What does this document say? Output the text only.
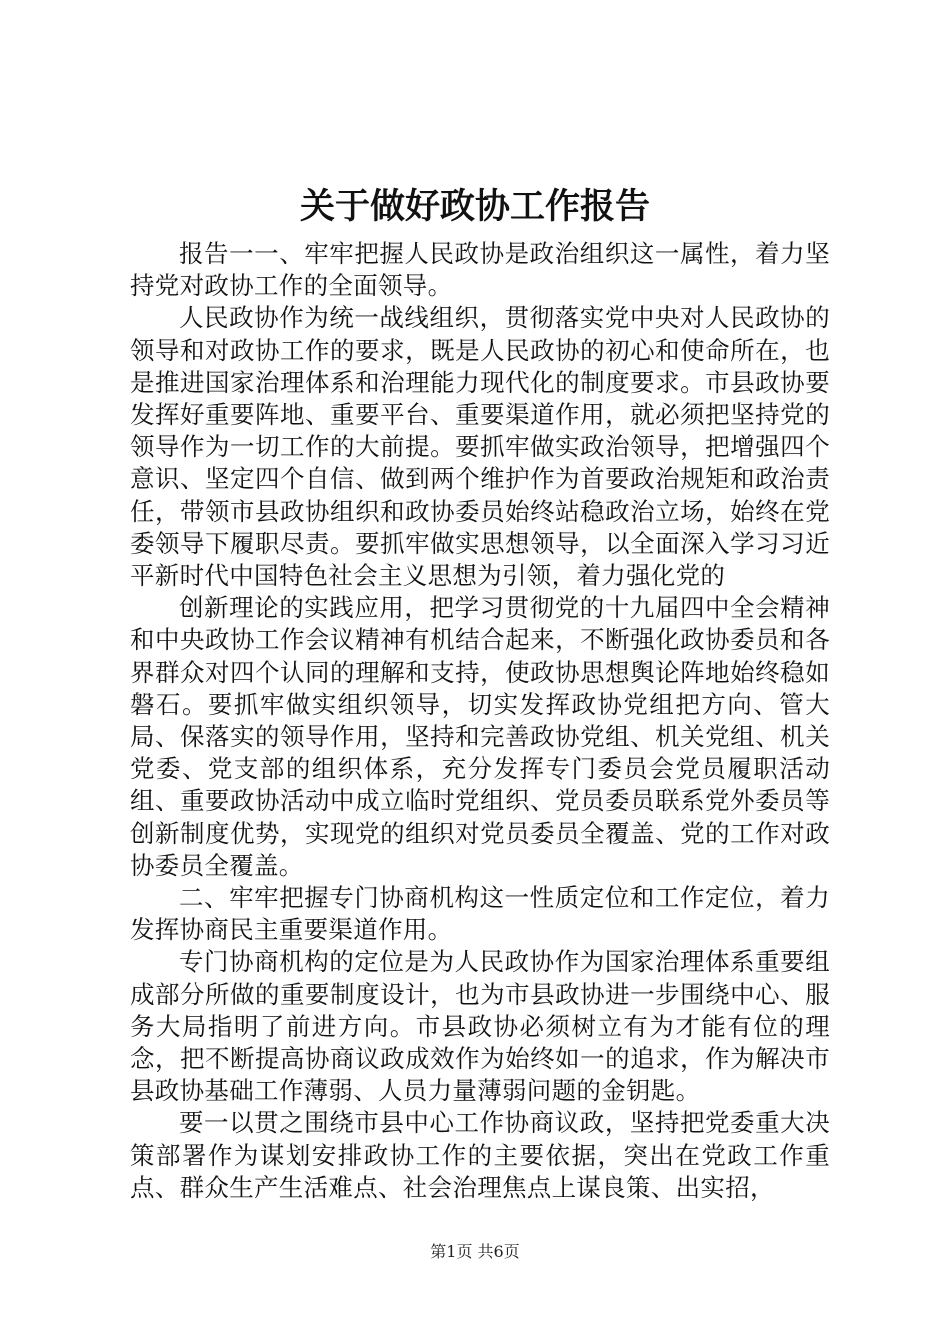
关于做好政协工作报告

报告一一、牢牢把握人民政协是政治组织这一属性，着力坚持党对政协工作的全面领导。

人民政协作为统一战线组织，贯彻落实党中央对人民政协的领导和对政协工作的要求，既是人民政协的初心和使命所在，也是推进国家治理体系和治理能力现代化的制度要求。市县政协要发挥好重要阵地、重要平台、重要渠道作用，就必须把坚持党的领导作为一切工作的大前提。要抓牢做实政治领导，把增强四个意识、坚定四个自信、做到两个维护作为首要政治规矩和政治责任，带领市县政协组织和政协委员始终站稳政治立场，始终在党委领导下履职尽责。要抓牢做实思想领导，以全面深入学习习近平新时代中国特色社会主义思想为引领，着力强化党的

创新理论的实践应用，把学习贯彻党的十九届四中全会精神和中央政协工作会议精神有机结合起来，不断强化政协委员和各界群众对四个认同的理解和支持，使政协思想舆论阵地始终稳如磐石。要抓牢做实组织领导，切实发挥政协党组把方向、管大局、保落实的领导作用，坚持和完善政协党组、机关党组、机关党委、党支部的组织体系，充分发挥专门委员会党员履职活动组、重要政协活动中成立临时党组织、党员委员联系党外委员等创新制度优势，实现党的组织对党员委员全覆盖、党的工作对政协委员全覆盖。

二、牢牢把握专门协商机构这一性质定位和工作定位，着力发挥协商民主重要渠道作用。

专门协商机构的定位是为人民政协作为国家治理体系重要组成部分所做的重要制度设计，也为市县政协进一步围绕中心、服务大局指明了前进方向。市县政协必须树立有为才能有位的理念，把不断提高协商议政成效作为始终如一的追求，作为解决市县政协基础工作薄弱、人员力量薄弱问题的金钥匙。

要一以贯之围绕市县中心工作协商议政，坚持把党委重大决策部署作为谋划安排政协工作的主要依据，突出在党政工作重点、群众生产生活难点、社会治理焦点上谋良策、出实招，

第1页 共6页
